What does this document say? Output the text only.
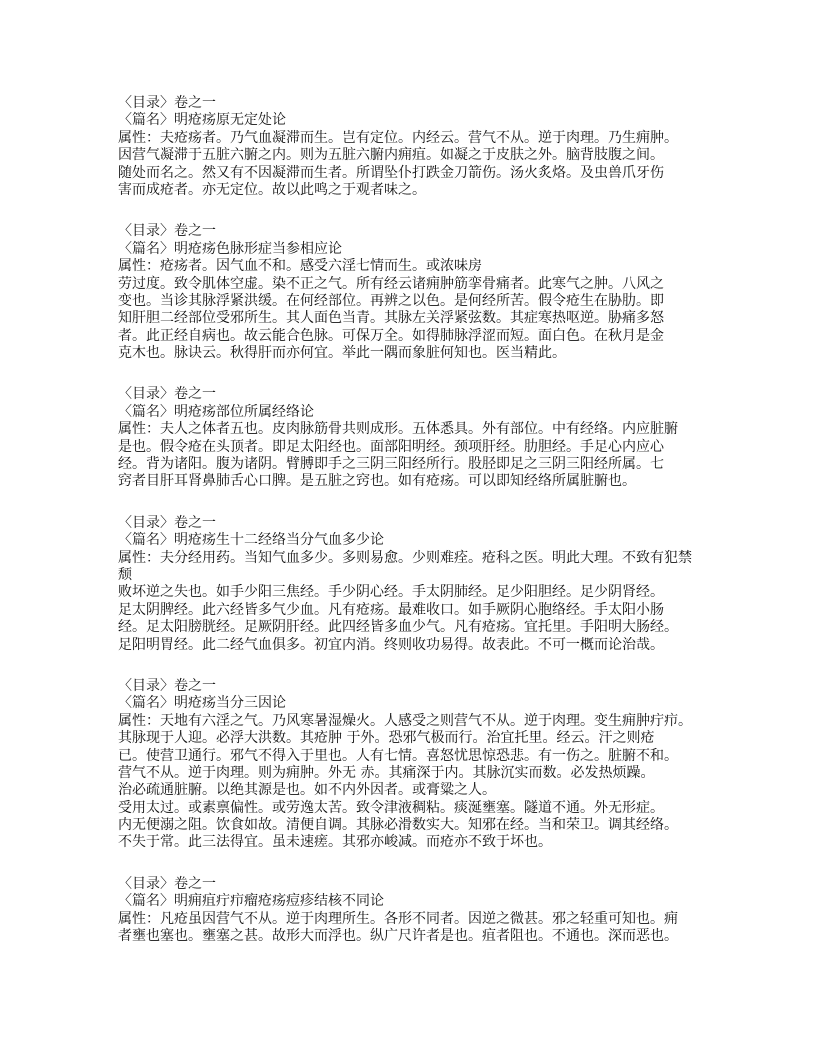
〈目录〉卷之一
〈篇名〉明疮疡原无定处论
属性：夫疮疡者。乃气血凝滞而生。岂有定位。内经云。营气不从。逆于肉理。乃生痈肿。
因营气凝滞于五脏六腑之内。则为五脏六腑内痈疽。如凝之于皮肤之外。脑背肢腹之间。
随处而名之。然又有不因凝滞而生者。所谓坠仆打跌金刀箭伤。汤火炙烙。及虫兽爪牙伤
害而成疮者。亦无定位。故以此鸣之于观者味之。
〈目录〉卷之一
〈篇名〉明疮疡色脉形症当参相应论
属性：疮疡者。因气血不和。感受六淫七情而生。或浓味房
劳过度。致令肌体空虚。染不正之气。所有经云诸痈肿筋挛骨痛者。此寒气之肿。八风之
变也。当诊其脉浮紧洪缓。在何经部位。再辨之以色。是何经所苦。假令疮生在胁肋。即
知肝胆二经部位受邪所生。其人面色当青。其脉左关浮紧弦数。其症寒热呕逆。胁痛多怒
者。此正经自病也。故云能合色脉。可保万全。如得肺脉浮涩而短。面白色。在秋月是金
克木也。脉诀云。秋得肝而亦何宜。举此一隅而象脏何知也。医当精此。
〈目录〉卷之一
〈篇名〉明疮疡部位所属经络论
属性：夫人之体者五也。皮肉脉筋骨共则成形。五体悉具。外有部位。中有经络。内应脏腑
是也。假令疮在头顶者。即足太阳经也。面部阳明经。颈项肝经。肋胆经。手足心内应心
经。背为诸阳。腹为诸阴。臂膊即手之三阴三阳经所行。股胫即足之三阴三阳经所属。七
窍者目肝耳肾鼻肺舌心口脾。是五脏之窍也。如有疮疡。可以即知经络所属脏腑也。
〈目录〉卷之一
〈篇名〉明疮疡生十二经络当分气血多少论
属性：夫分经用药。当知气血多少。多则易愈。少则难痊。疮科之医。明此大理。不致有犯禁
颓
败坏逆之失也。如手少阳三焦经。手少阴心经。手太阴肺经。足少阳胆经。足少阴肾经。
足太阴脾经。此六经皆多气少血。凡有疮疡。最难收口。如手厥阴心胞络经。手太阳小肠
经。足太阳膀胱经。足厥阴肝经。此四经皆多血少气。凡有疮疡。宜托里。手阳明大肠经。
足阳明胃经。此二经气血俱多。初宜内消。终则收功易得。故表此。不可一概而论治哉。
〈目录〉卷之一
〈篇名〉明疮疡当分三因论
属性：天地有六淫之气。乃风寒暑湿燥火。人感受之则营气不从。逆于肉理。变生痈肿疔疖。
其脉现于人迎。必浮大洪数。其疮肿 于外。恐邪气极而行。治宜托里。经云。汗之则疮
已。使营卫通行。邪气不得入于里也。人有七情。喜怒忧思惊恐悲。有一伤之。脏腑不和。
营气不从。逆于肉理。则为痈肿。外无 赤。其痛深于内。其脉沉实而数。必发热烦躁。
治必疏通脏腑。以绝其源是也。如不内外因者。或膏粱之人。
受用太过。或素禀偏性。或劳逸太苦。致令津液稠粘。痰涎壅塞。隧道不通。外无形症。
内无便溺之阻。饮食如故。清便自调。其脉必滑数实大。知邪在经。当和荣卫。调其经络。
不失于常。此三法得宜。虽未速瘥。其邪亦峻减。而疮亦不致于坏也。
〈目录〉卷之一
〈篇名〉明痈疽疔疖瘤疮疡痘疹结核不同论
属性：凡疮虽因营气不从。逆于肉理所生。各形不同者。因逆之微甚。邪之轻重可知也。痈
者壅也塞也。壅塞之甚。故形大而浮也。纵广尺许者是也。疽者阻也。不通也。深而恶也。
